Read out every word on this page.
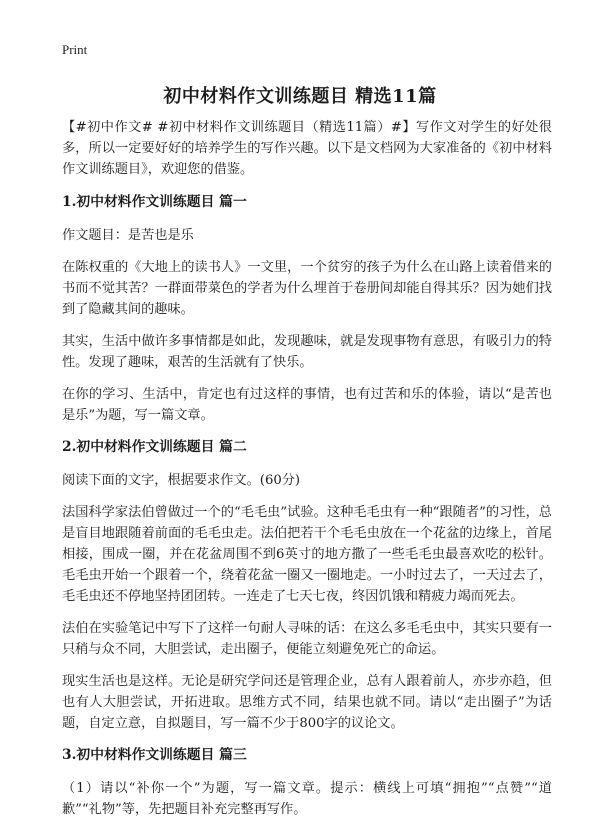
Print
初中材料作文训练题目 精选11篇

【#初中作文# #初中材料作文训练题目（精选11篇）#】写作文对学生的好处很多，所以一定要好好的培养学生的写作兴趣。以下是文档网为大家准备的《初中材料作文训练题目》，欢迎您的借鉴。

1.初中材料作文训练题目 篇一

作文题目：是苦也是乐

在陈权重的《大地上的读书人》一文里，一个贫穷的孩子为什么在山路上读着借来的书而不觉其苦？一群面带菜色的学者为什么埋首于卷册间却能自得其乐？因为她们找到了隐藏其间的趣味。

其实，生活中做许多事情都是如此，发现趣味，就是发现事物有意思，有吸引力的特性。发现了趣味，艰苦的生活就有了快乐。

在你的学习、生活中，肯定也有过这样的事情，也有过苦和乐的体验，请以“是苦也是乐”为题，写一篇文章。

2.初中材料作文训练题目 篇二

阅读下面的文字，根据要求作文。(60分)

法国科学家法伯曾做过一个的“毛毛虫”试验。这种毛毛虫有一种“跟随者”的习性，总是盲目地跟随着前面的毛毛虫走。法伯把若干个毛毛虫放在一个花盆的边缘上，首尾相接，围成一圈，并在花盆周围不到6英寸的地方撒了一些毛毛虫最喜欢吃的松针。毛毛虫开始一个跟着一个，绕着花盆一圈又一圈地走。一小时过去了，一天过去了，毛毛虫还不停地坚持团团转。一连走了七天七夜，终因饥饿和精疲力竭而死去。

法伯在实验笔记中写下了这样一句耐人寻味的话：在这么多毛毛虫中，其实只要有一只稍与众不同，大胆尝试，走出圈子，便能立刻避免死亡的命运。

现实生活也是这样。无论是研究学问还是管理企业，总有人跟着前人，亦步亦趋，但也有人大胆尝试，开拓进取。思维方式不同，结果也就不同。请以“走出圈子”为话题，自定立意，自拟题目，写一篇不少于800字的议论文。

3.初中材料作文训练题目 篇三

（1）请以“补你一个”为题，写一篇文章。提示：横线上可填“拥抱”“点赞”“道歉”“礼物”等，先把题目补充完整再写作。
